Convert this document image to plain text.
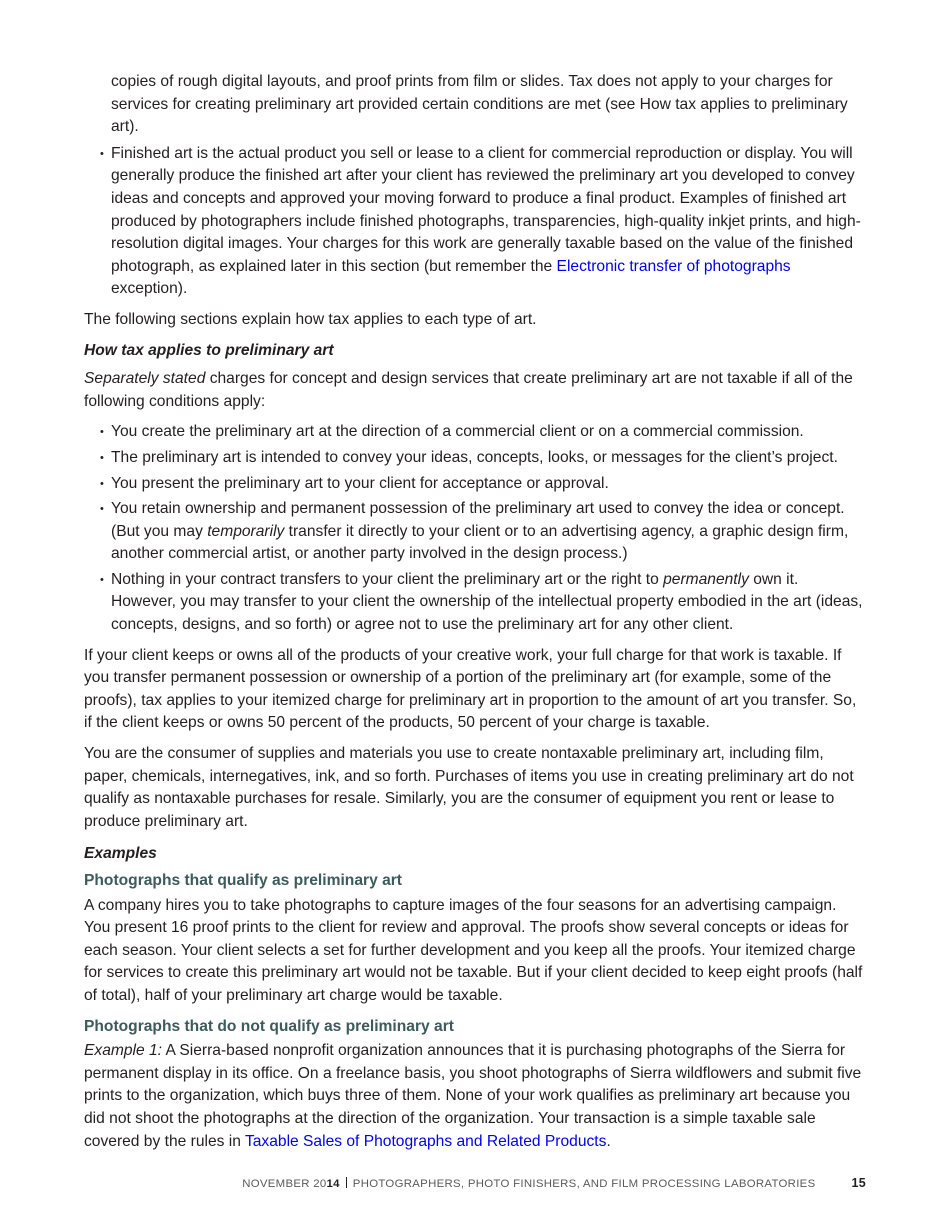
copies of rough digital layouts, and proof prints from film or slides. Tax does not apply to your charges for services for creating preliminary art provided certain conditions are met (see How tax applies to preliminary art).
• Finished art is the actual product you sell or lease to a client for commercial reproduction or display. You will generally produce the finished art after your client has reviewed the preliminary art you developed to convey ideas and concepts and approved your moving forward to produce a final product. Examples of finished art produced by photographers include finished photographs, transparencies, high-quality inkjet prints, and high-resolution digital images. Your charges for this work are generally taxable based on the value of the finished photograph, as explained later in this section (but remember the Electronic transfer of photographs exception).

The following sections explain how tax applies to each type of art.

How tax applies to preliminary art

Separately stated charges for concept and design services that create preliminary art are not taxable if all of the following conditions apply:

• You create the preliminary art at the direction of a commercial client or on a commercial commission.
• The preliminary art is intended to convey your ideas, concepts, looks, or messages for the client’s project.
• You present the preliminary art to your client for acceptance or approval.
• You retain ownership and permanent possession of the preliminary art used to convey the idea or concept. (But you may temporarily transfer it directly to your client or to an advertising agency, a graphic design firm, another commercial artist, or another party involved in the design process.)
• Nothing in your contract transfers to your client the preliminary art or the right to permanently own it. However, you may transfer to your client the ownership of the intellectual property embodied in the art (ideas, concepts, designs, and so forth) or agree not to use the preliminary art for any other client.

If your client keeps or owns all of the products of your creative work, your full charge for that work is taxable. If you transfer permanent possession or ownership of a portion of the preliminary art (for example, some of the proofs), tax applies to your itemized charge for preliminary art in proportion to the amount of art you transfer. So, if the client keeps or owns 50 percent of the products, 50 percent of your charge is taxable.

You are the consumer of supplies and materials you use to create nontaxable preliminary art, including film, paper, chemicals, internegatives, ink, and so forth. Purchases of items you use in creating preliminary art do not qualify as nontaxable purchases for resale. Similarly, you are the consumer of equipment you rent or lease to produce preliminary art.

Examples

Photographs that qualify as preliminary art

A company hires you to take photographs to capture images of the four seasons for an advertising campaign. You present 16 proof prints to the client for review and approval. The proofs show several concepts or ideas for each season. Your client selects a set for further development and you keep all the proofs. Your itemized charge for services to create this preliminary art would not be taxable. But if your client decided to keep eight proofs (half of total), half of your preliminary art charge would be taxable.

Photographs that do not qualify as preliminary art

Example 1: A Sierra-based nonprofit organization announces that it is purchasing photographs of the Sierra for permanent display in its office. On a freelance basis, you shoot photographs of Sierra wildflowers and submit five prints to the organization, which buys three of them. None of your work qualifies as preliminary art because you did not shoot the photographs at the direction of the organization. Your transaction is a simple taxable sale covered by the rules in Taxable Sales of Photographs and Related Products.

NOVEMBER 2014 PHOTOGRAPHERS, PHOTO FINISHERS, AND FILM PROCESSING LABORATORIES	15
